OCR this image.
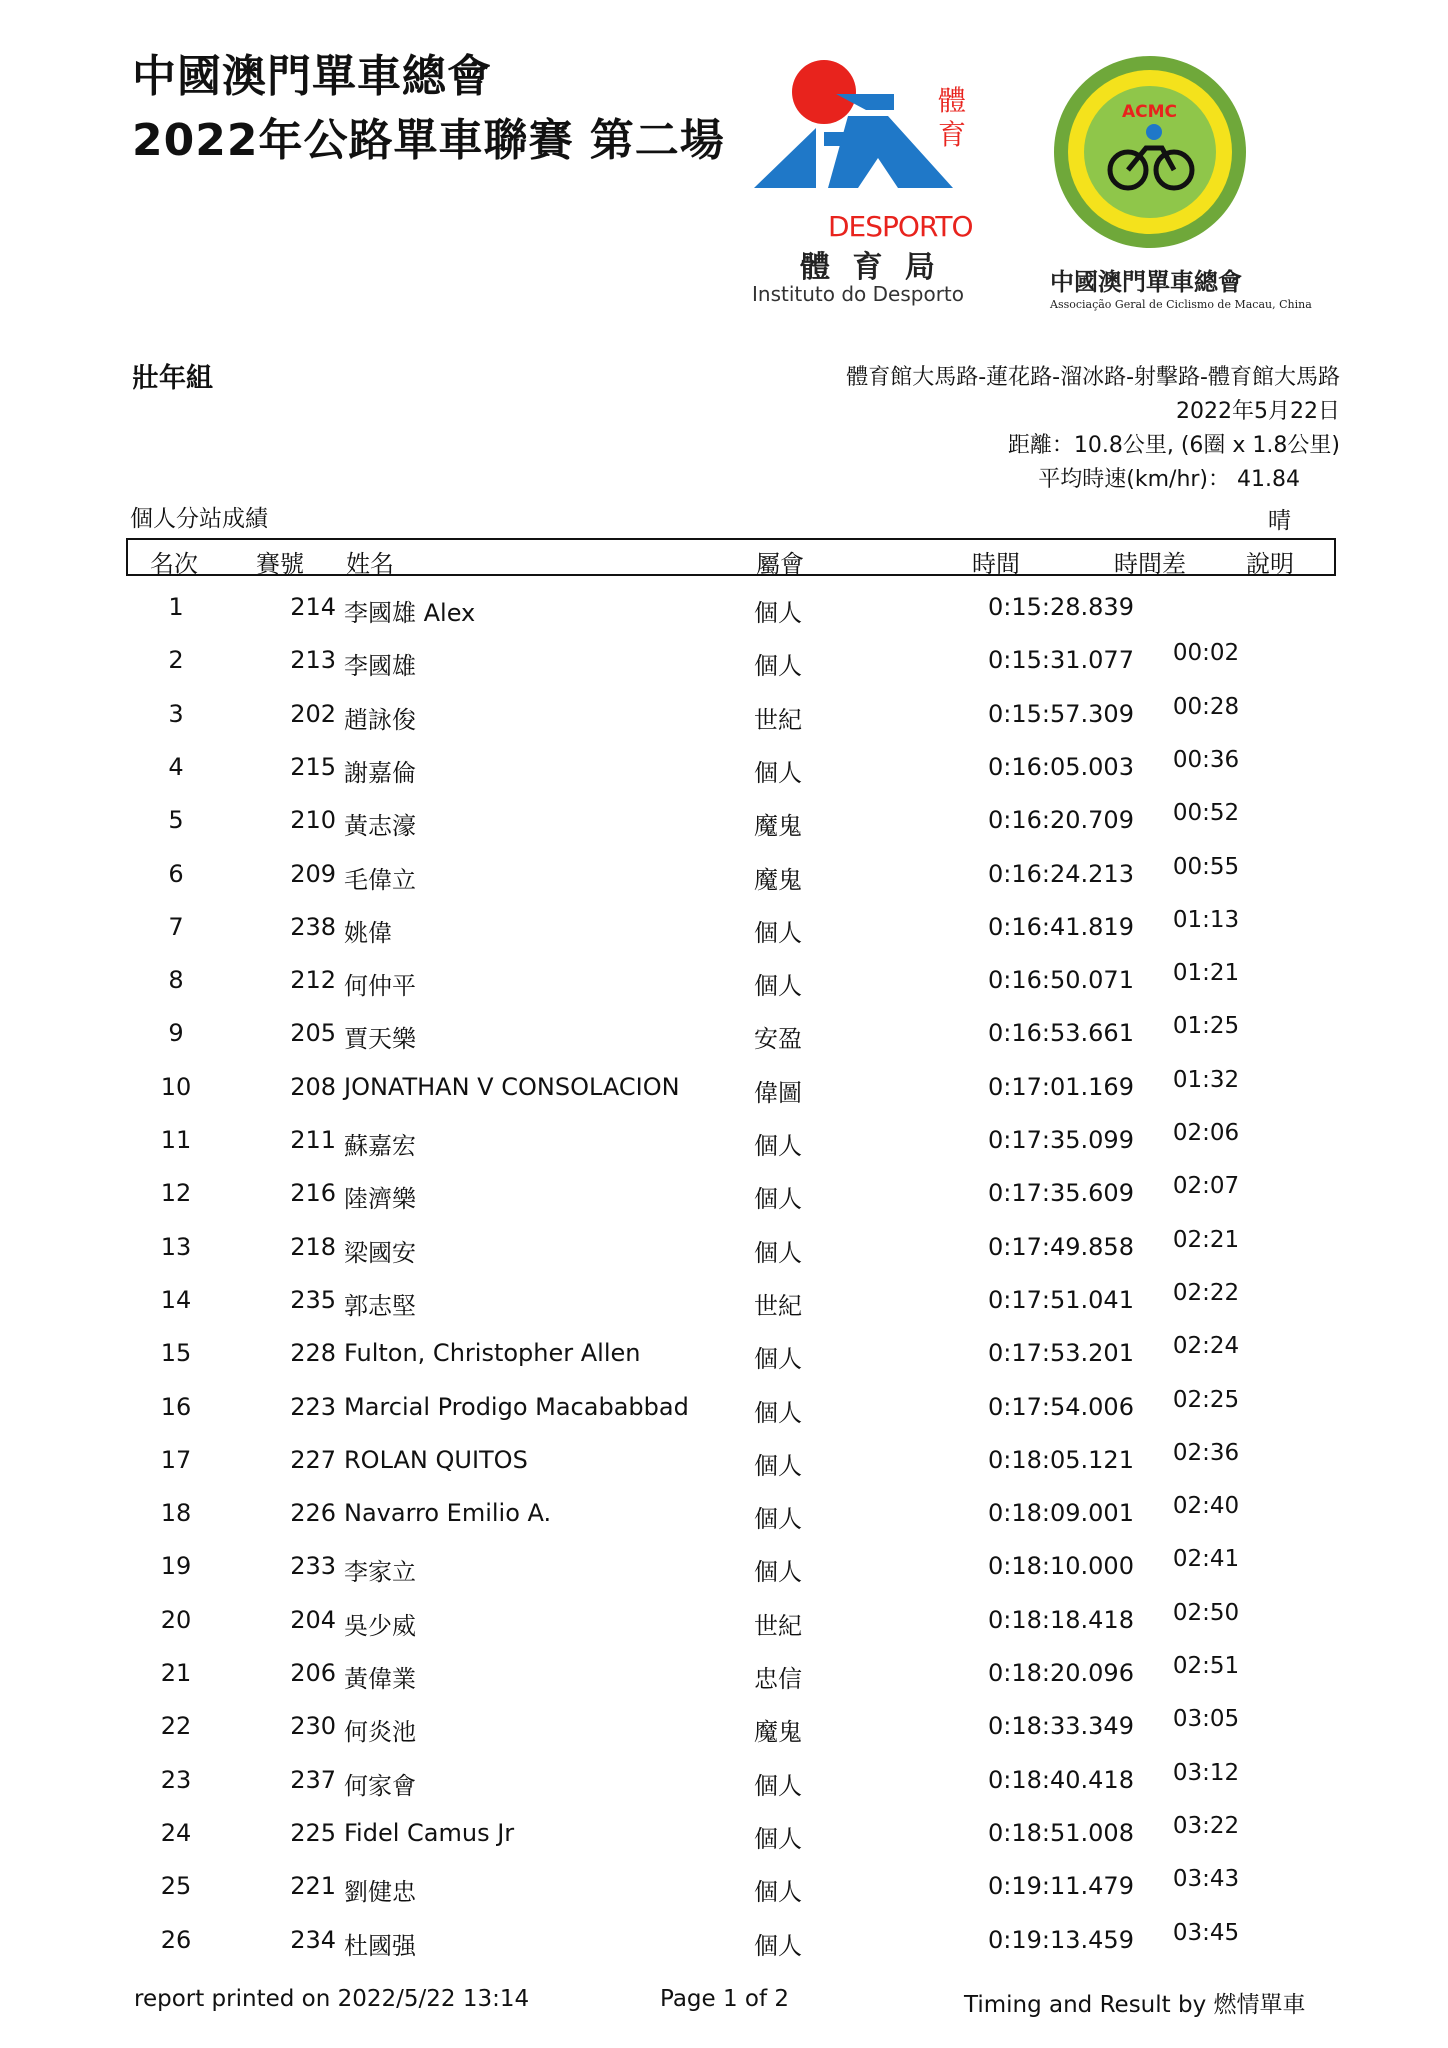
中國澳門單車總會
2022年公路單車聯賽 第二場
體育
DESPORTO
體 育 局
Instituto do Desporto
ACMC
中國澳門單車總會
Associação Geral de Ciclismo de Macau, China
壯年組	體育館大馬路-蓮花路-溜冰路-射擊路-體育館大馬路
2022年5月22日
距離：10.8公里, (6圈 x 1.8公里)
平均時速(km/hr)： 41.84
個人分站成績	晴
名次 賽號 姓名	屬會	時間	時間差	說明
1	214 李國雄 Alex	個人	0:15:28.839
2	213 李國雄	個人	0:15:31.077	00:02
3	202 趙詠俊	世紀	0:15:57.309	00:28
4	215 謝嘉倫	個人	0:16:05.003	00:36
5	210 黃志濠	魔鬼	0:16:20.709	00:52
6	209 毛偉立	魔鬼	0:16:24.213	00:55
7	238 姚偉	個人	0:16:41.819	01:13
8	212 何仲平	個人	0:16:50.071	01:21
9	205 賈天樂	安盈	0:16:53.661	01:25
10	208 JONATHAN V CONSOLACION	偉圖	0:17:01.169	01:32
11	211 蘇嘉宏	個人	0:17:35.099	02:06
12	216 陸濟樂	個人	0:17:35.609	02:07
13	218 梁國安	個人	0:17:49.858	02:21
14	235 郭志堅	世紀	0:17:51.041	02:22
15	228 Fulton, Christopher Allen	個人	0:17:53.201	02:24
16	223 Marcial Prodigo Macababbad	個人	0:17:54.006	02:25
17	227 ROLAN QUITOS	個人	0:18:05.121	02:36
18	226 Navarro Emilio A.	個人	0:18:09.001	02:40
19	233 李家立	個人	0:18:10.000	02:41
20	204 吳少威	世紀	0:18:18.418	02:50
21	206 黃偉業	忠信	0:18:20.096	02:51
22	230 何炎池	魔鬼	0:18:33.349	03:05
23	237 何家會	個人	0:18:40.418	03:12
24	225 Fidel Camus Jr	個人	0:18:51.008	03:22
25	221 劉健忠	個人	0:19:11.479	03:43
26	234 杜國强	個人	0:19:13.459	03:45
report printed on 2022/5/22 13:14	Page 1 of 2	Timing and Result by 燃情單車
